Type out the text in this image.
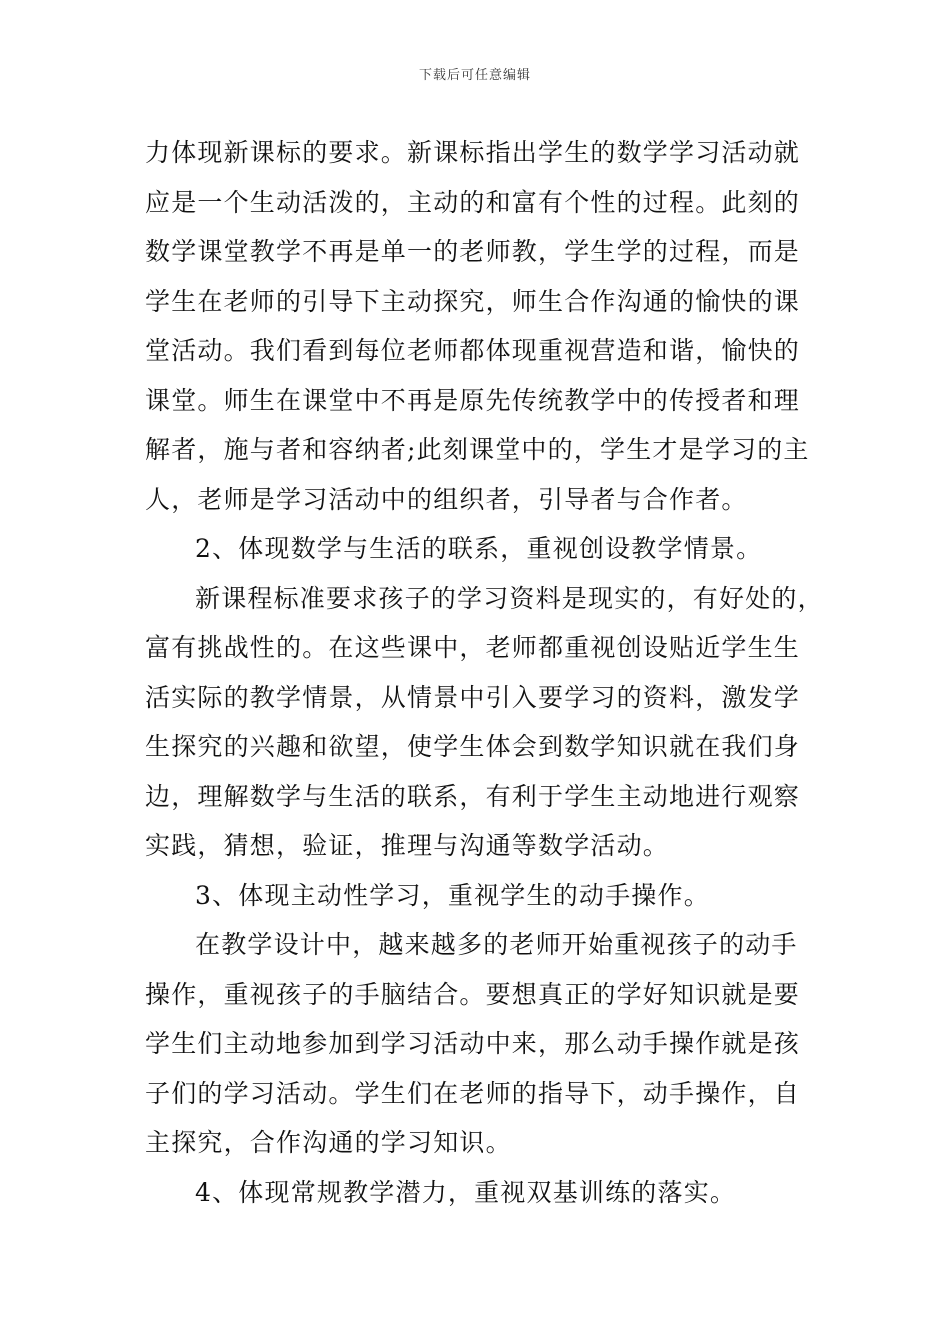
下载后可任意编辑
力体现新课标的要求。新课标指出学生的数学学习活动就
应是一个生动活泼的，主动的和富有个性的过程。此刻的
数学课堂教学不再是单一的老师教，学生学的过程，而是
学生在老师的引导下主动探究，师生合作沟通的愉快的课
堂活动。我们看到每位老师都体现重视营造和谐，愉快的
课堂。师生在课堂中不再是原先传统教学中的传授者和理
解者，施与者和容纳者;此刻课堂中的，学生才是学习的主
人，老师是学习活动中的组织者，引导者与合作者。
2、体现数学与生活的联系，重视创设教学情景。
新课程标准要求孩子的学习资料是现实的，有好处的，
富有挑战性的。在这些课中，老师都重视创设贴近学生生
活实际的教学情景，从情景中引入要学习的资料，激发学
生探究的兴趣和欲望，使学生体会到数学知识就在我们身
边，理解数学与生活的联系，有利于学生主动地进行观察
实践，猜想，验证，推理与沟通等数学活动。
3、体现主动性学习，重视学生的动手操作。
在教学设计中，越来越多的老师开始重视孩子的动手
操作，重视孩子的手脑结合。要想真正的学好知识就是要
学生们主动地参加到学习活动中来，那么动手操作就是孩
子们的学习活动。学生们在老师的指导下，动手操作，自
主探究，合作沟通的学习知识。
4、体现常规教学潜力，重视双基训练的落实。
